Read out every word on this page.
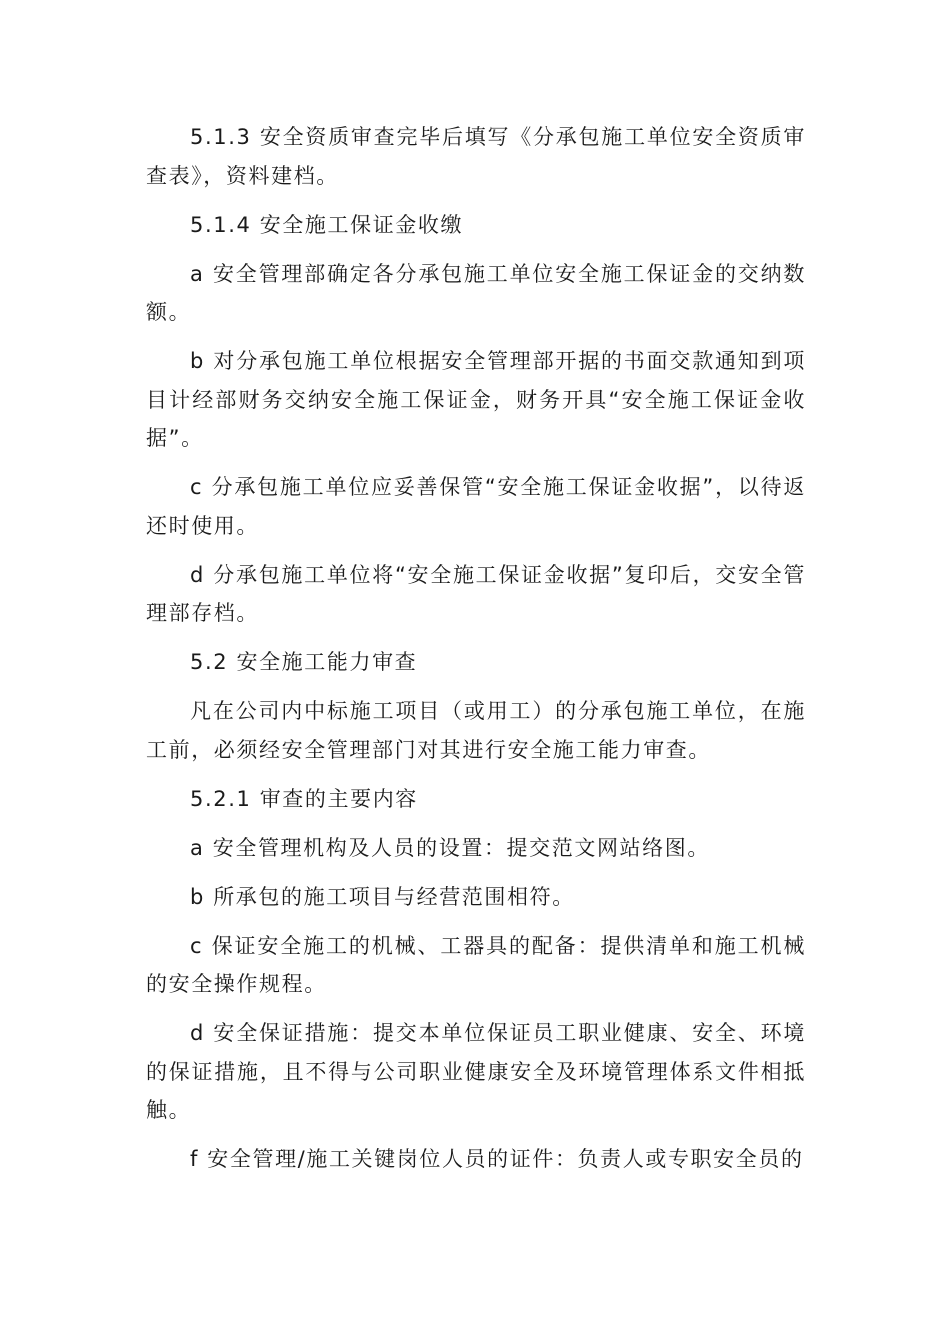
5.1.3 安全资质审查完毕后填写《分承包施工单位安全资质审查表》，资料建档。

5.1.4 安全施工保证金收缴

a 安全管理部确定各分承包施工单位安全施工保证金的交纳数额。

b 对分承包施工单位根据安全管理部开据的书面交款通知到项目计经部财务交纳安全施工保证金，财务开具“安全施工保证金收据”。

c 分承包施工单位应妥善保管“安全施工保证金收据”，以待返还时使用。

d 分承包施工单位将“安全施工保证金收据”复印后，交安全管理部存档。

5.2 安全施工能力审查

凡在公司内中标施工项目（或用工）的分承包施工单位，在施工前，必须经安全管理部门对其进行安全施工能力审查。

5.2.1 审查的主要内容

a 安全管理机构及人员的设置：提交范文网站络图。

b 所承包的施工项目与经营范围相符。

c 保证安全施工的机械、工器具的配备：提供清单和施工机械的安全操作规程。

d 安全保证措施：提交本单位保证员工职业健康、安全、环境的保证措施，且不得与公司职业健康安全及环境管理体系文件相抵触。

f 安全管理/施工关键岗位人员的证件：负责人或专职安全员的
